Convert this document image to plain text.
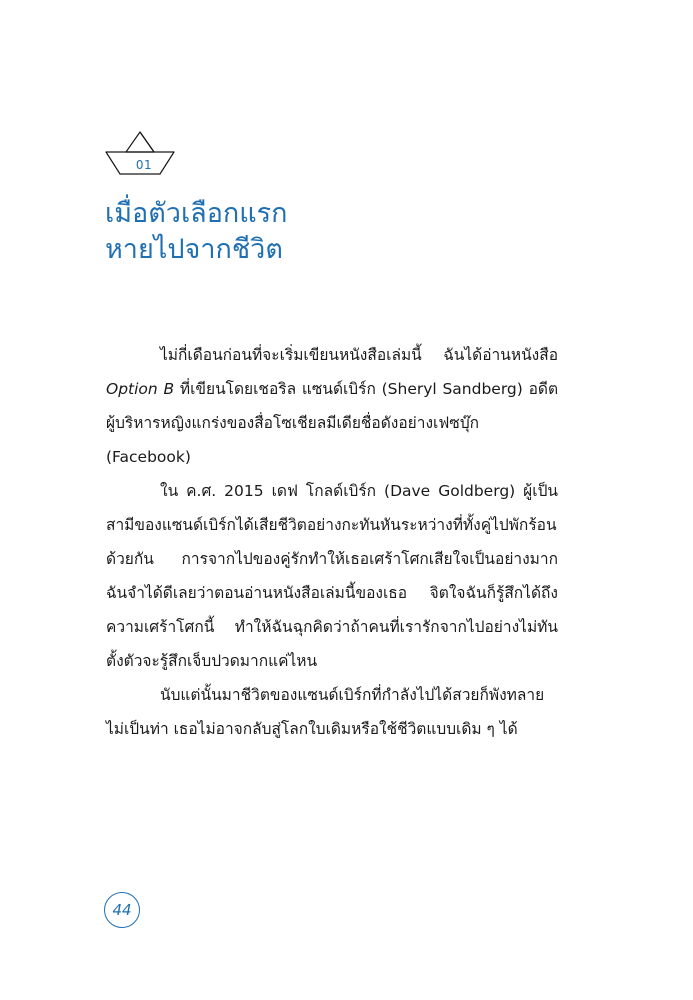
01
เมื่อตัวเลือกแรก
หายไปจากชีวิต

ไม่กี่เดือนก่อนที่จะเริ่มเขียนหนังสือเล่มนี้ ฉันได้อ่านหนังสือ Option B ที่เขียนโดยเชอริล แซนด์เบิร์ก (Sheryl Sandberg) อดีตผู้บริหารหญิงแกร่งของสื่อโซเชียลมีเดียชื่อดังอย่างเฟซบุ๊ก (Facebook)

ใน ค.ศ. 2015 เดฟ โกลด์เบิร์ก (Dave Goldberg) ผู้เป็นสามีของแซนด์เบิร์กได้เสียชีวิตอย่างกะทันหันระหว่างที่ทั้งคู่ไปพักร้อนด้วยกัน การจากไปของคู่รักทำให้เธอเศร้าโศกเสียใจเป็นอย่างมาก ฉันจำได้ดีเลยว่าตอนอ่านหนังสือเล่มนี้ของเธอ จิตใจฉันก็รู้สึกได้ถึงความเศร้าโศกนี้ ทำให้ฉันฉุกคิดว่าถ้าคนที่เรารักจากไปอย่างไม่ทันตั้งตัวจะรู้สึกเจ็บปวดมากแค่ไหน

นับแต่นั้นมาชีวิตของแซนด์เบิร์กที่กำลังไปได้สวยก็พังทลายไม่เป็นท่า เธอไม่อาจกลับสู่โลกใบเดิมหรือใช้ชีวิตแบบเดิม ๆ ได้

44
